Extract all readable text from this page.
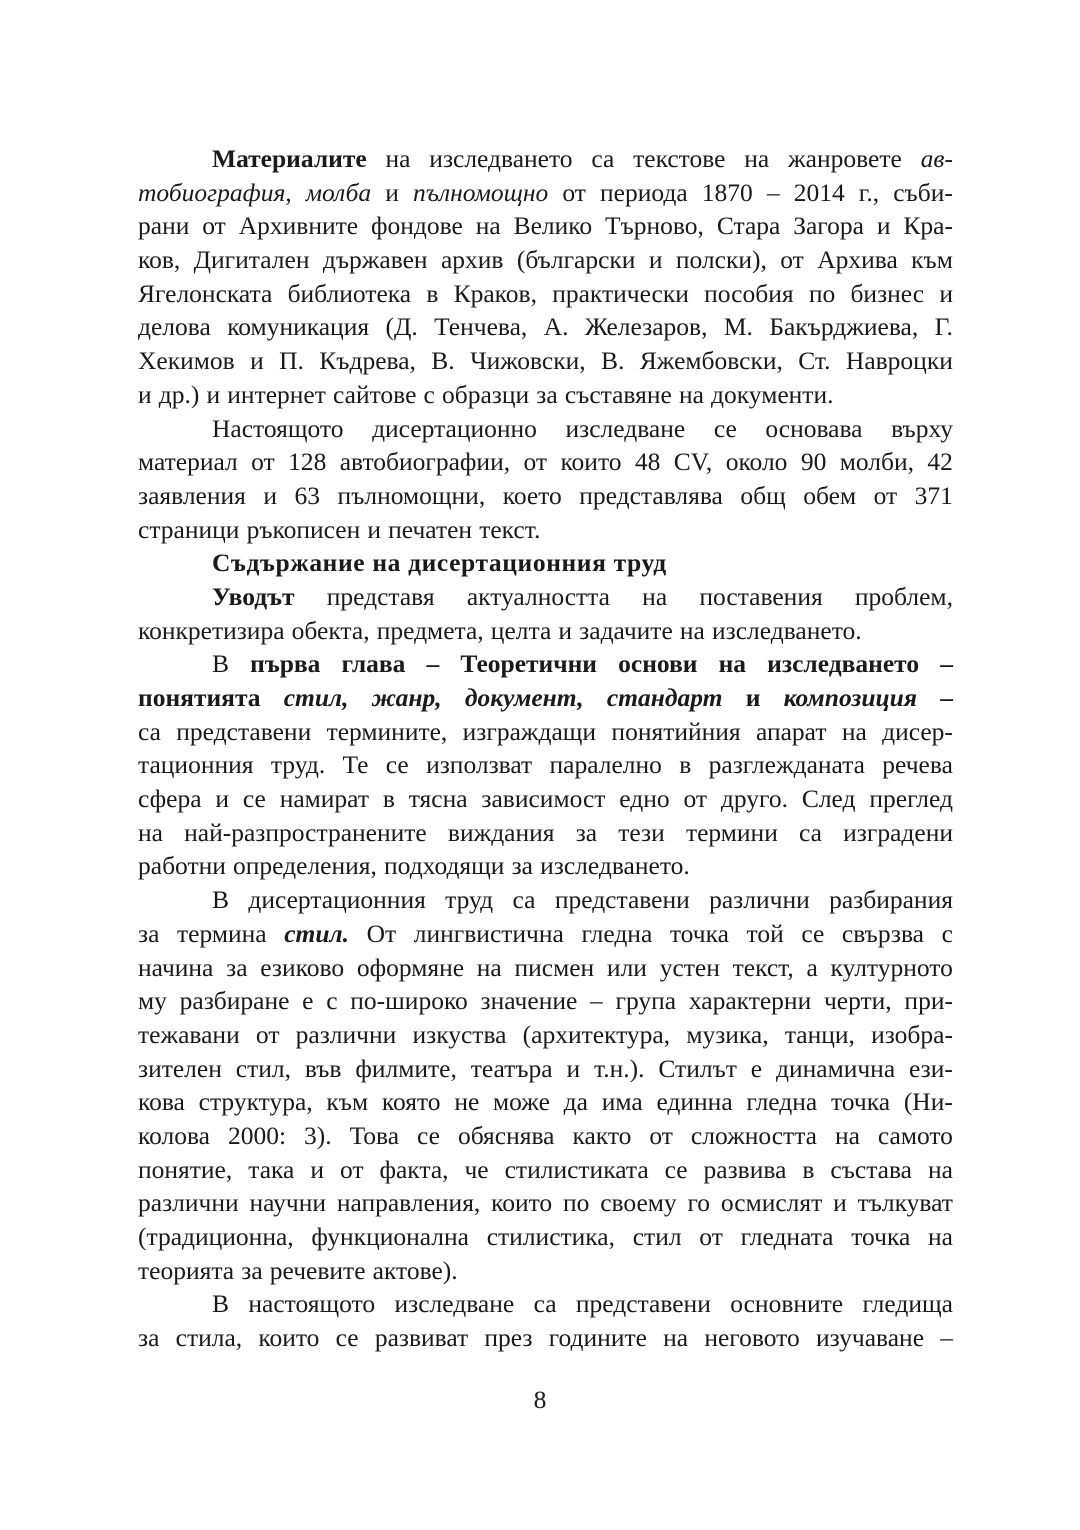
Материалите на изследването са текстове на жанровете ав-
тобиография, молба и пълномощно от периода 1870 – 2014 г., съби-
рани от Архивните фондове на Велико Търново, Стара Загора и Кра-
ков, Дигитален държавен архив (български и полски), от Архива към
Ягелонската библиотека в Краков, практически пособия по бизнес и
делова комуникация (Д. Тенчева, А. Железаров, М. Бакърджиева, Г.
Хекимов и П. Къдрева, В. Чижовски, В. Яжембовски, Ст. Навроцки
и др.) и интернет сайтове с образци за съставяне на документи.
Настоящото дисертационно изследване се основава върху
материал от 128 автобиографии, от които 48 CV, около 90 молби, 42
заявления и 63 пълномощни, което представлява общ обем от 371
страници ръкописен и печатен текст.
Съдържание на дисертационния труд
Уводът представя актуалността на поставения проблем,
конкретизира обекта, предмета, целта и задачите на изследването.
В първа глава – Теоретични основи на изследването –
понятията стил, жанр, документ, стандарт и композиция –
са представени термините, изграждащи понятийния апарат на дисер-
тационния труд. Те се използват паралелно в разглежданата речева
сфера и се намират в тясна зависимост едно от друго. След преглед
на най-разпространените виждания за тези термини са изградени
работни определения, подходящи за изследването.
В дисертационния труд са представени различни разбирания
за термина стил. От лингвистична гледна точка той се свързва с
начина за езиково оформяне на писмен или устен текст, а културното
му разбиране е с по-широко значение – група характерни черти, при-
тежавани от различни изкуства (архитектура, музика, танци, изобра-
зителен стил, във филмите, театъра и т.н.). Стилът е динамична ези-
кова структура, към която не може да има единна гледна точка (Ни-
колова 2000: 3). Това се обяснява както от сложността на самото
понятие, така и от факта, че стилистиката се развива в състава на
различни научни направления, които по своему го осмислят и тълкуват
(традиционна, функционална стилистика, стил от гледната точка на
теорията за речевите актове).
В настоящото изследване са представени основните гледища
за стила, които се развиват през годините на неговото изучаване –
8
